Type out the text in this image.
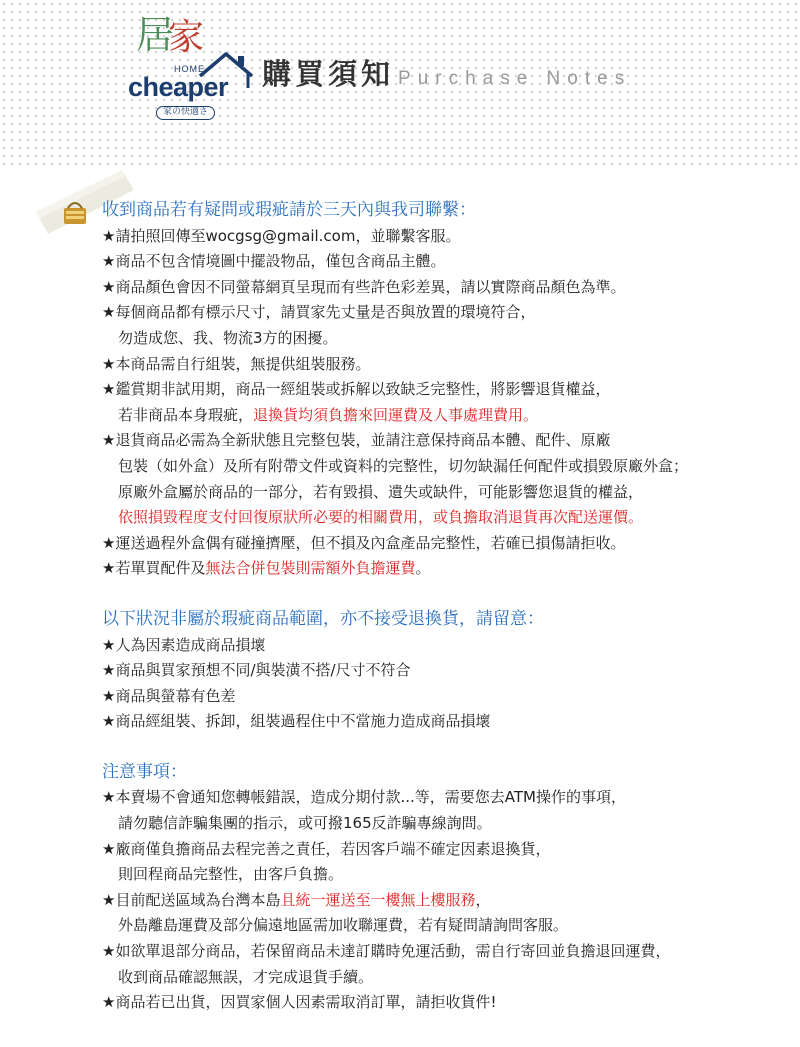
居
家
HOME
cheaper
家の快適さ
購買須知 Purchase Notes
收到商品若有疑問或瑕疵請於三天內與我司聯繫：
★請拍照回傳至wocgsg@gmail.com，並聯繫客服。
★商品不包含情境圖中擺設物品，僅包含商品主體。
★商品顏色會因不同螢幕網頁呈現而有些許色彩差異，請以實際商品顏色為準。
★每個商品都有標示尺寸，請買家先丈量是否與放置的環境符合，
勿造成您、我、物流3方的困擾。
★本商品需自行組裝，無提供組裝服務。
★鑑賞期非試用期，商品一經組裝或拆解以致缺乏完整性，將影響退貨權益，
若非商品本身瑕疵，退換貨均須負擔來回運費及人事處理費用。
★退貨商品必需為全新狀態且完整包裝，並請注意保持商品本體、配件、原廠
包裝（如外盒）及所有附帶文件或資料的完整性，切勿缺漏任何配件或損毀原廠外盒；
原廠外盒屬於商品的一部分，若有毀損、遺失或缺件，可能影響您退貨的權益，
依照損毀程度支付回復原狀所必要的相關費用，或負擔取消退貨再次配送運價。
★運送過程外盒偶有碰撞擠壓，但不損及內盒產品完整性，若確已損傷請拒收。
★若單買配件及無法合併包裝則需額外負擔運費。
以下狀況非屬於瑕疵商品範圍，亦不接受退換貨，請留意：
★人為因素造成商品損壞
★商品與買家預想不同/與裝潢不搭/尺寸不符合
★商品與螢幕有色差
★商品經組裝、拆卸，組裝過程住中不當施力造成商品損壞
注意事項：
★本賣場不會通知您轉帳錯誤，造成分期付款...等，需要您去ATM操作的事項，
請勿聽信詐騙集團的指示，或可撥165反詐騙專線詢問。
★廠商僅負擔商品去程完善之責任，若因客戶端不確定因素退換貨，
則回程商品完整性，由客戶負擔。
★目前配送區域為台灣本島且統一運送至一樓無上樓服務，
外島離島運費及部分偏遠地區需加收聯運費，若有疑問請詢問客服。
★如欲單退部分商品，若保留商品未達訂購時免運活動，需自行寄回並負擔退回運費，
收到商品確認無誤，才完成退貨手續。
★商品若已出貨，因買家個人因素需取消訂單，請拒收貨件!
